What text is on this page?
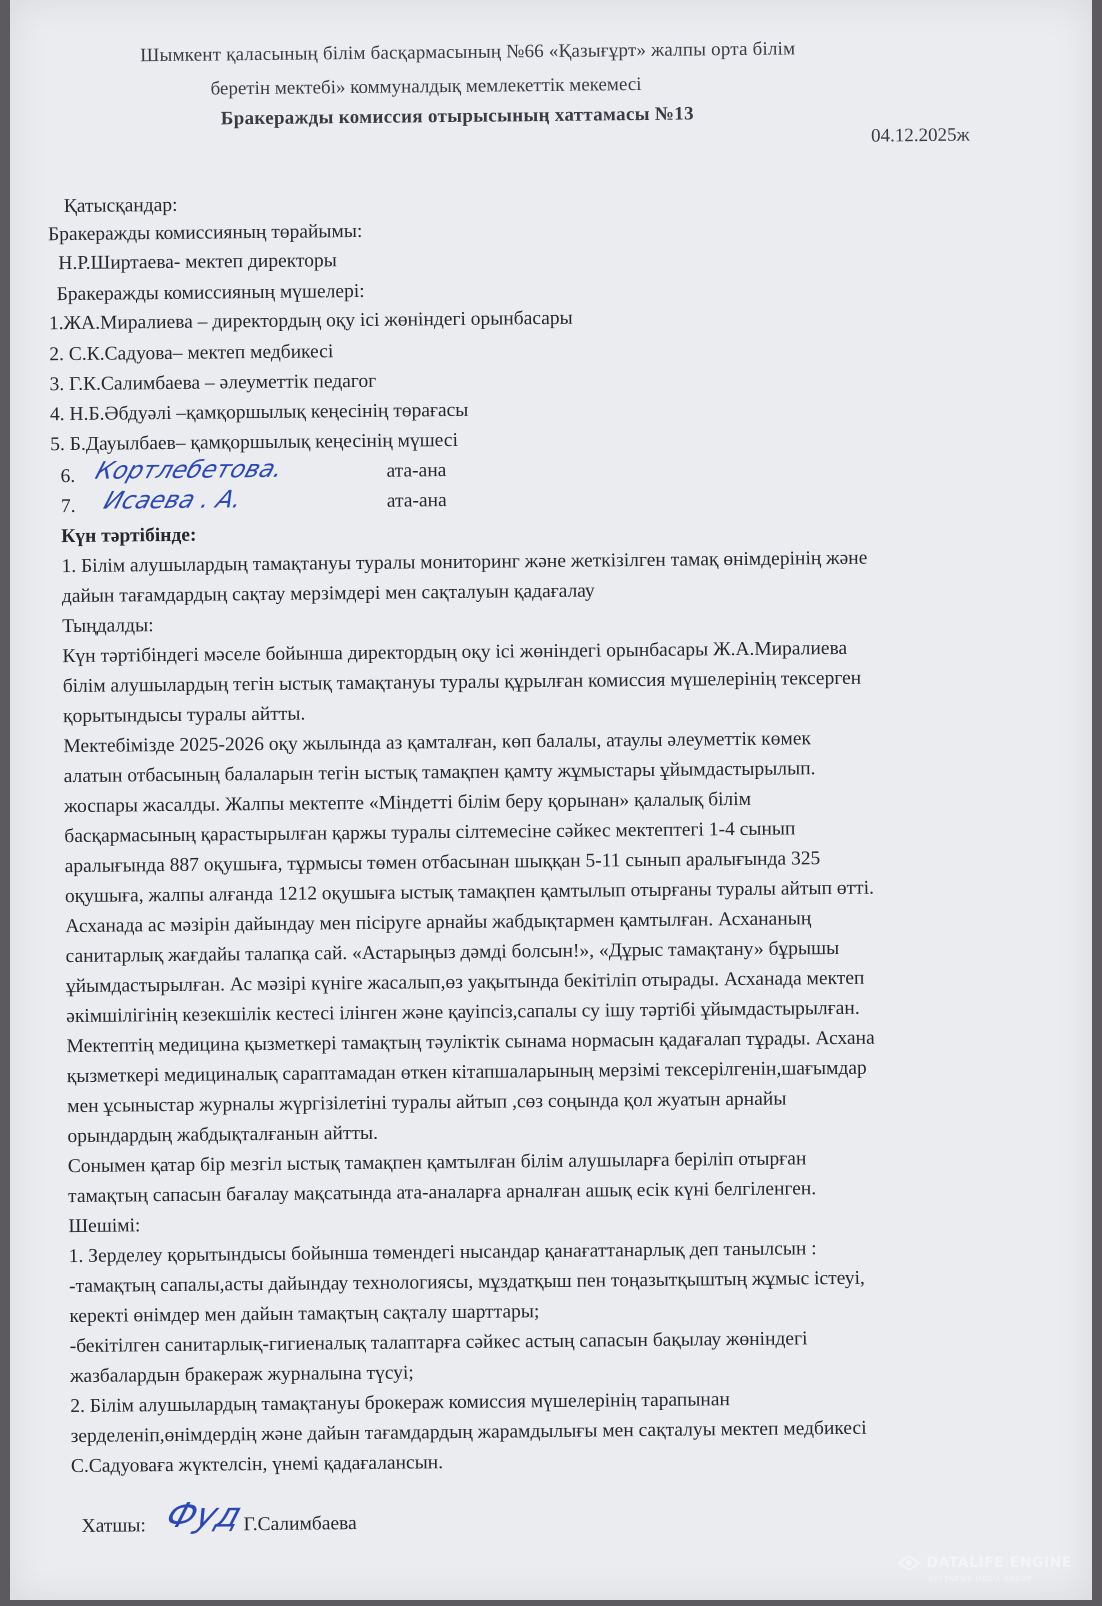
Шымкент қаласының білім басқармасының №66 «Қазығұрт» жалпы орта білім
беретін мектебі» коммуналдық мемлекеттік мекемесі
Бракеражды комиссия отырысының хаттамасы №13
04.12.2025ж
Қатысқандар:
Бракеражды комиссияның төрайымы:
Н.Р.Ширтаева- мектеп директоры
Бракеражды комиссияның мүшелері:
1.ЖА.Миралиева – директордың оқу ісі жөніндегі орынбасары
2. С.К.Садуова– мектеп медбикесі
3. Г.К.Салимбаева – әлеуметтік педагог
4. Н.Б.Әбдуәлі –қамқоршылық кеңесінің төрағасы
5. Б.Дауылбаев– қамқоршылық кеңесінің мүшесі
6. Кортлебетова.	ата-ана
7. Исаева . А.	ата-ана
Күн тәртібінде:
1. Білім алушылардың тамақтануы туралы мониторинг және жеткізілген тамақ өнімдерінің және
дайын тағамдардың сақтау мерзімдері мен сақталуын қадағалау
Тыңдалды:
Күн тәртібіндегі мәселе бойынша директордың оқу ісі жөніндегі орынбасары Ж.А.Миралиева
білім алушылардың тегін ыстық тамақтануы туралы құрылған комиссия мүшелерінің тексерген
қорытындысы туралы айтты.
Мектебімізде 2025-2026 оқу жылында аз қамталған, көп балалы, атаулы әлеуметтік көмек
алатын отбасының балаларын тегін ыстық тамақпен қамту жұмыстары ұйымдастырылып.
жоспары жасалды. Жалпы мектепте «Міндетті білім беру қорынан» қалалық білім
басқармасының қарастырылған қаржы туралы сілтемесіне сәйкес мектептегі 1-4 сынып
аралығында 887 оқушыға, тұрмысы төмен отбасынан шыққан 5-11 сынып аралығында 325
оқушыға, жалпы алғанда 1212 оқушыға ыстық тамақпен қамтылып отырғаны туралы айтып өтті.
Асханада ас мәзірін дайындау мен пісіруге арнайы жабдықтармен қамтылған. Асхананың
санитарлық жағдайы талапқа сай. «Астарыңыз дәмді болсын!», «Дұрыс тамақтану» бұрышы
ұйымдастырылған. Ас мәзірі күнiге жасалып,өз уақытында бекітіліп отырады. Асханада мектеп
әкімшілігінің кезекшілік кестесі ілінген және қауіпсіз,сапалы су ішу тәртібі ұйымдастырылған.
Мектептің медицина қызметкері тамақтың тәуліктік сынама нормасын қадағалап тұрады. Асхана
қызметкері медициналық сараптамадан өткен кітапшаларының мерзімі тексерілгенін,шағымдар
мен ұсыныстар журналы жүргізілетіні туралы айтып ,сөз соңында қол жуатын арнайы
орындардың жабдықталғанын айтты.
Сонымен қатар бір мезгіл ыстық тамақпен қамтылған білім алушыларға беріліп отырған
тамақтың сапасын бағалау мақсатында ата-аналарға арналған ашық есік күні белгіленген.
Шешімі:
1. Зерделеу қорытындысы бойынша төмендегі нысандар қанағаттанарлық деп танылсын :
-тамақтың сапалы,асты дайындау технологиясы, мұздатқыш пен тоңазытқыштың жұмыс істеуі,
керекті өнімдер мен дайын тамақтың сақталу шарттары;
-бекітілген санитарлық-гигиеналық талаптарға сәйкес астың сапасын бақылау жөніндегі
жазбалардын бракераж журналына түсуі;
2. Білім алушылардың тамақтануы брокераж комиссия мүшелерінің тарапынан
зерделеніп,өнімдердің және дайын тағамдардың жарамдылығы мен сақталуы мектеп медбикесі
С.Садуоваға жүктелсін, үнемі қадағалансын.
Хатшы: Фуд
Г.Салимбаева
DATALIFE ENGINE
SOFTNEWS MEDIA GROUP
